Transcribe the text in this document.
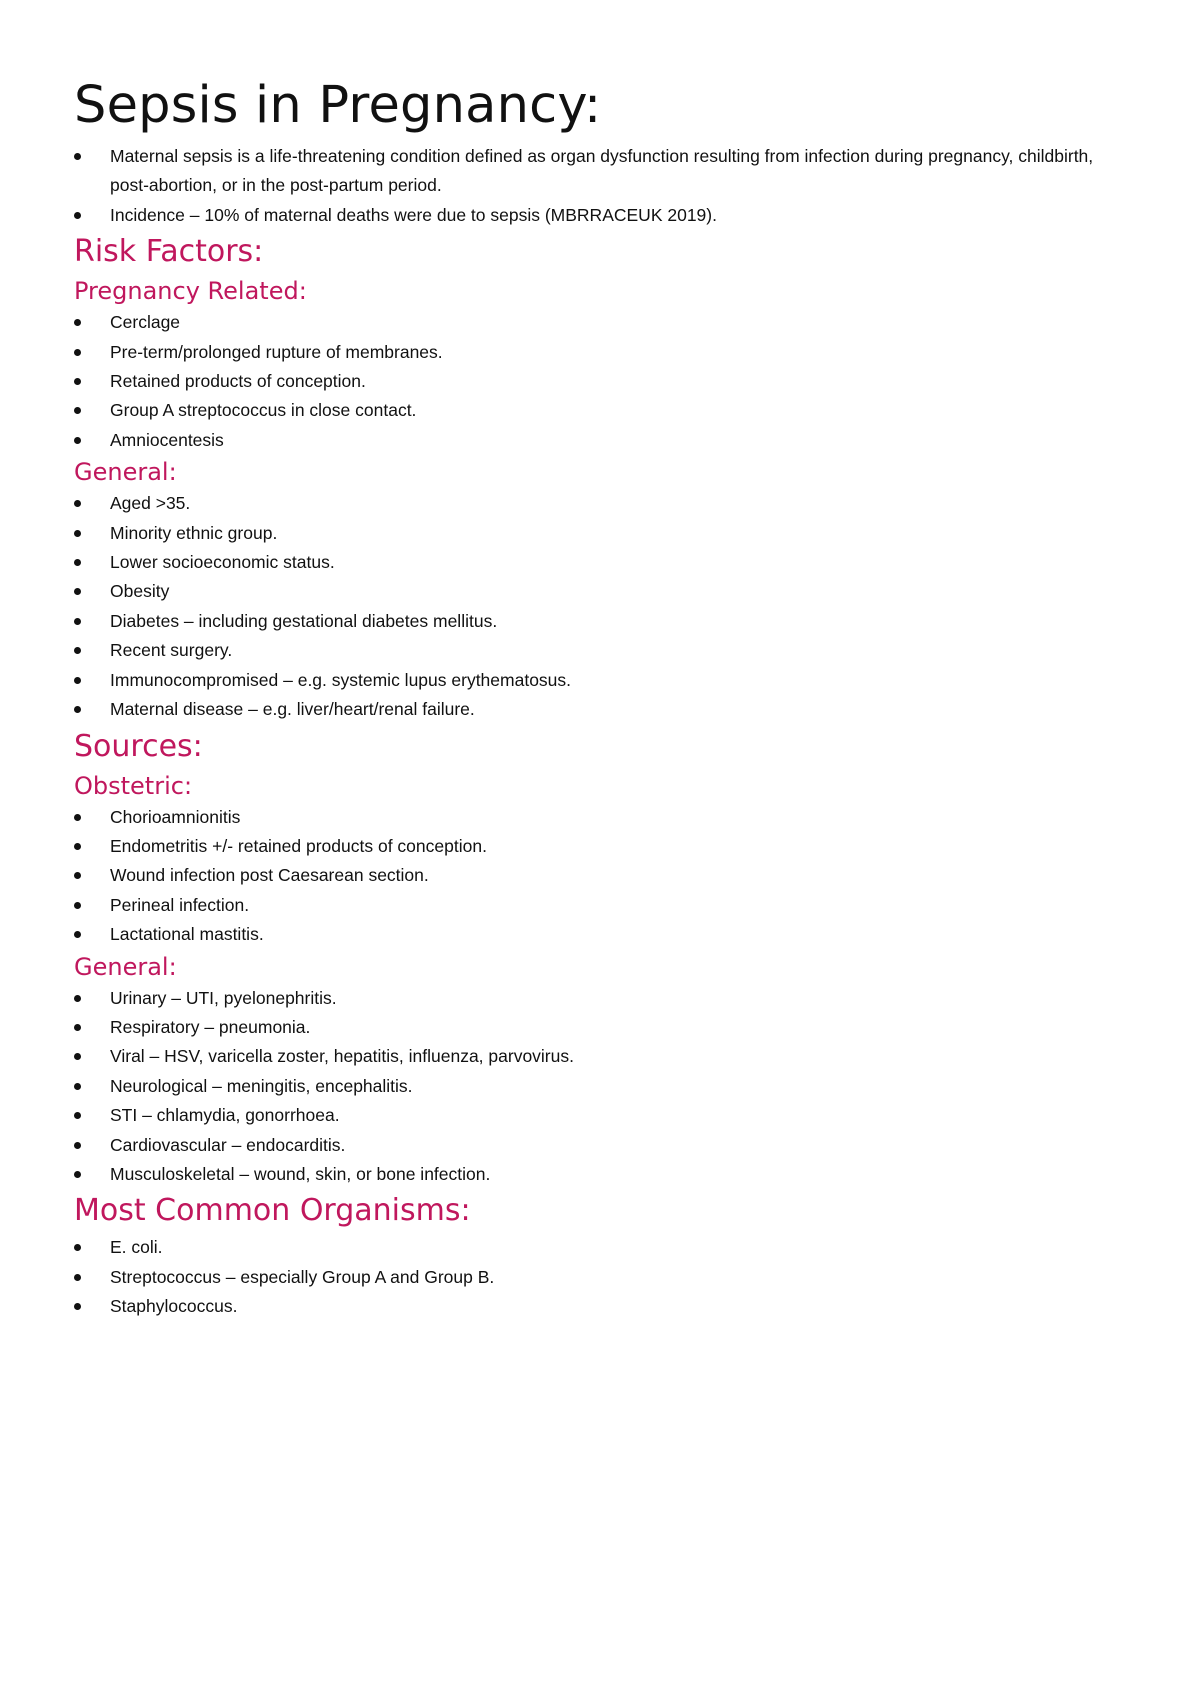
Sepsis in Pregnancy:
Maternal sepsis is a life-threatening condition defined as organ dysfunction resulting from infection during pregnancy, childbirth, post-abortion, or in the post-partum period.
Incidence – 10% of maternal deaths were due to sepsis (MBRRACEUK 2019).
Risk Factors:
Pregnancy Related:
Cerclage
Pre-term/prolonged rupture of membranes.
Retained products of conception.
Group A streptococcus in close contact.
Amniocentesis
General:
Aged >35.
Minority ethnic group.
Lower socioeconomic status.
Obesity
Diabetes – including gestational diabetes mellitus.
Recent surgery.
Immunocompromised – e.g. systemic lupus erythematosus.
Maternal disease – e.g. liver/heart/renal failure.
Sources:
Obstetric:
Chorioamnionitis
Endometritis +/- retained products of conception.
Wound infection post Caesarean section.
Perineal infection.
Lactational mastitis.
General:
Urinary – UTI, pyelonephritis.
Respiratory – pneumonia.
Viral – HSV, varicella zoster, hepatitis, influenza, parvovirus.
Neurological – meningitis, encephalitis.
STI – chlamydia, gonorrhoea.
Cardiovascular – endocarditis.
Musculoskeletal – wound, skin, or bone infection.
Most Common Organisms:
E. coli.
Streptococcus – especially Group A and Group B.
Staphylococcus.
